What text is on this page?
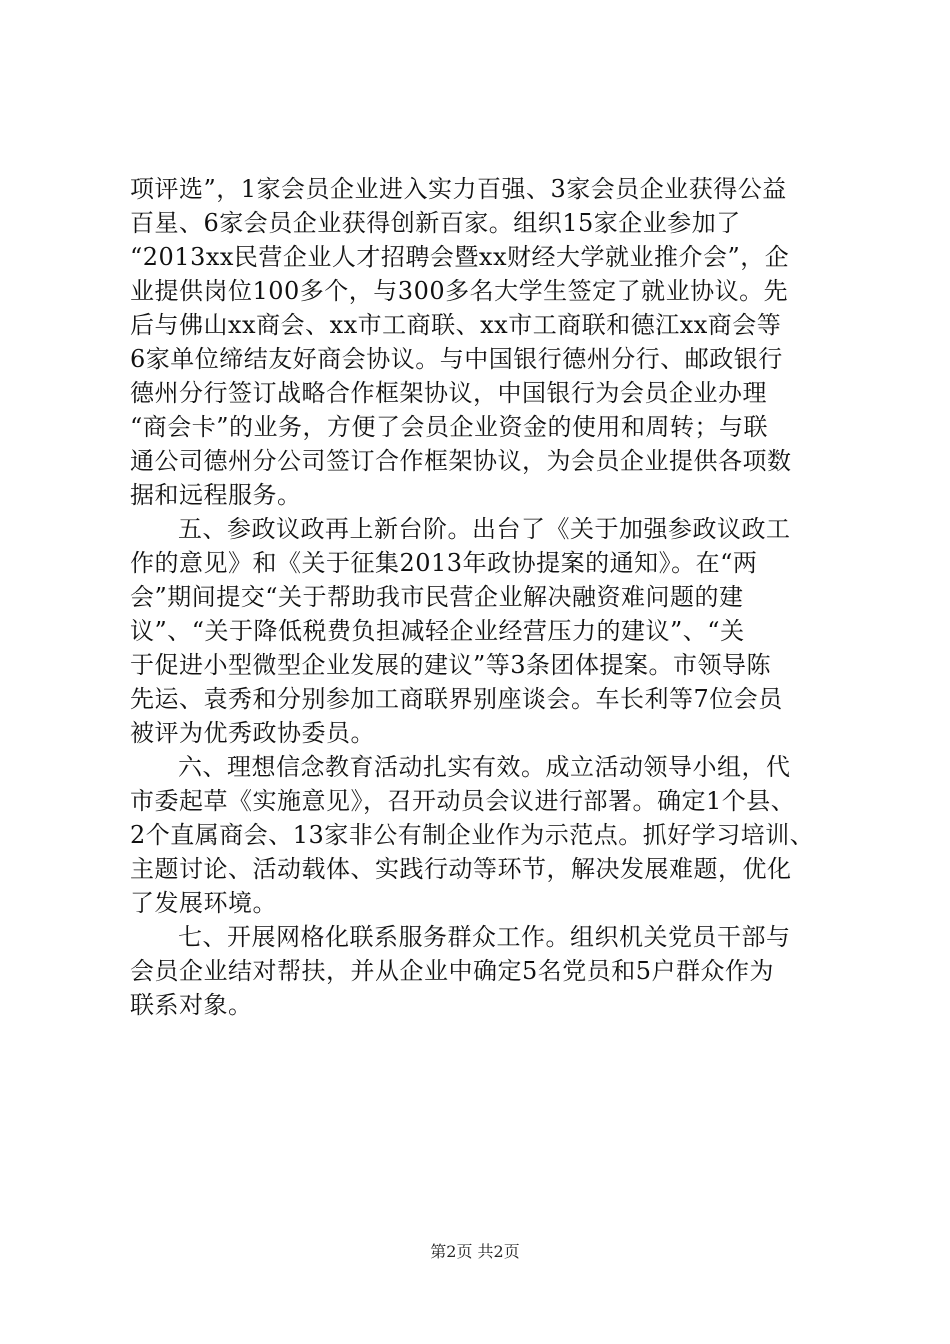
项评选”，1家会员企业进入实力百强、3家会员企业获得公益
百星、6家会员企业获得创新百家。组织15家企业参加了
“2013xx民营企业人才招聘会暨xx财经大学就业推介会”，企
业提供岗位100多个，与300多名大学生签定了就业协议。先
后与佛山xx商会、xx市工商联、xx市工商联和德江xx商会等
6家单位缔结友好商会协议。与中国银行德州分行、邮政银行
德州分行签订战略合作框架协议，中国银行为会员企业办理
“商会卡”的业务，方便了会员企业资金的使用和周转；与联
通公司德州分公司签订合作框架协议，为会员企业提供各项数
据和远程服务。
五、参政议政再上新台阶。出台了《关于加强参政议政工
作的意见》和《关于征集2013年政协提案的通知》。在“两
会”期间提交“关于帮助我市民营企业解决融资难问题的建
议”、“关于降低税费负担减轻企业经营压力的建议”、“关
于促进小型微型企业发展的建议”等3条团体提案。市领导陈
先运、袁秀和分别参加工商联界别座谈会。车长利等7位会员
被评为优秀政协委员。
六、理想信念教育活动扎实有效。成立活动领导小组，代
市委起草《实施意见》，召开动员会议进行部署。确定1个县、
2个直属商会、13家非公有制企业作为示范点。抓好学习培训、
主题讨论、活动载体、实践行动等环节，解决发展难题，优化
了发展环境。
七、开展网格化联系服务群众工作。组织机关党员干部与
会员企业结对帮扶，并从企业中确定5名党员和5户群众作为
联系对象。
第2页 共2页
